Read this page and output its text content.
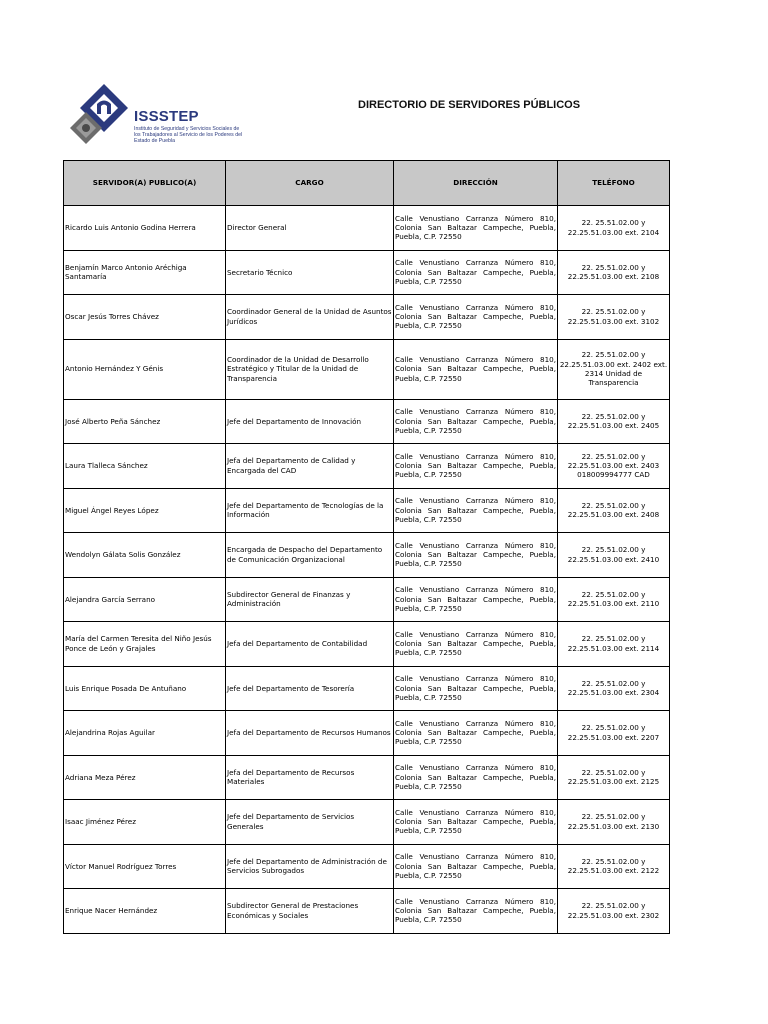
ISSSTEP
Instituto de Seguridad y Servicios Sociales de los Trabajadores al Servicio de los Poderes del Estado de Puebla
DIRECTORIO DE SERVIDORES PÚBLICOS
SERVIDOR(A) PUBLICO(A)	CARGO	DIRECCIÓN	TELÉFONO
Ricardo Luis Antonio Godina Herrera	Director General	Calle Venustiano Carranza Número 810, Colonia San Baltazar Campeche, Puebla, Puebla, C.P. 72550	22. 25.51.02.00 y 22.25.51.03.00 ext. 2104
Benjamín Marco Antonio Aréchiga Santamaría	Secretario Técnico	Calle Venustiano Carranza Número 810, Colonia San Baltazar Campeche, Puebla, Puebla, C.P. 72550	22. 25.51.02.00 y 22.25.51.03.00 ext. 2108
Oscar Jesús Torres Chávez	Coordinador General de la Unidad de Asuntos Jurídicos	Calle Venustiano Carranza Número 810, Colonia San Baltazar Campeche, Puebla, Puebla, C.P. 72550	22. 25.51.02.00 y 22.25.51.03.00 ext. 3102
Antonio Hernández Y Génis	Coordinador de la Unidad de Desarrollo Estratégico y Titular de la Unidad de Transparencia	Calle Venustiano Carranza Número 810, Colonia San Baltazar Campeche, Puebla, Puebla, C.P. 72550	22. 25.51.02.00 y 22.25.51.03.00 ext. 2402 ext. 2314 Unidad de Transparencia
José Alberto Peña Sánchez	Jefe del Departamento de Innovación	Calle Venustiano Carranza Número 810, Colonia San Baltazar Campeche, Puebla, Puebla, C.P. 72550	22. 25.51.02.00 y 22.25.51.03.00 ext. 2405
Laura Tlalleca Sánchez	Jefa del Departamento de Calidad y Encargada del CAD	Calle Venustiano Carranza Número 810, Colonia San Baltazar Campeche, Puebla, Puebla, C.P. 72550	22. 25.51.02.00 y 22.25.51.03.00 ext. 2403 018009994777 CAD
Miguel Ángel Reyes López	Jefe del Departamento de Tecnologías de la Información	Calle Venustiano Carranza Número 810, Colonia San Baltazar Campeche, Puebla, Puebla, C.P. 72550	22. 25.51.02.00 y 22.25.51.03.00 ext. 2408
Wendolyn Gálata Solis González	Encargada de Despacho del Departamento de Comunicación Organizacional	Calle Venustiano Carranza Número 810, Colonia San Baltazar Campeche, Puebla, Puebla, C.P. 72550	22. 25.51.02.00 y 22.25.51.03.00 ext. 2410
Alejandra García Serrano	Subdirector General de Finanzas y Administración	Calle Venustiano Carranza Número 810, Colonia San Baltazar Campeche, Puebla, Puebla, C.P. 72550	22. 25.51.02.00 y 22.25.51.03.00 ext. 2110
María del Carmen Teresita del Niño Jesús Ponce de León y Grajales	Jefa del Departamento de Contabilidad	Calle Venustiano Carranza Número 810, Colonia San Baltazar Campeche, Puebla, Puebla, C.P. 72550	22. 25.51.02.00 y 22.25.51.03.00 ext. 2114
Luis Enrique Posada De Antuñano	Jefe del Departamento de Tesorería	Calle Venustiano Carranza Número 810, Colonia San Baltazar Campeche, Puebla, Puebla, C.P. 72550	22. 25.51.02.00 y 22.25.51.03.00 ext. 2304
Alejandrina Rojas Aguilar	Jefa del Departamento de Recursos Humanos	Calle Venustiano Carranza Número 810, Colonia San Baltazar Campeche, Puebla, Puebla, C.P. 72550	22. 25.51.02.00 y 22.25.51.03.00 ext. 2207
Adriana Meza Pérez	Jefa del Departamento de Recursos Materiales	Calle Venustiano Carranza Número 810, Colonia San Baltazar Campeche, Puebla, Puebla, C.P. 72550	22. 25.51.02.00 y 22.25.51.03.00 ext. 2125
Isaac Jiménez Pérez	Jefe del Departamento de Servicios Generales	Calle Venustiano Carranza Número 810, Colonia San Baltazar Campeche, Puebla, Puebla, C.P. 72550	22. 25.51.02.00 y 22.25.51.03.00 ext. 2130
Víctor Manuel Rodríguez Torres	Jefe del Departamento de Administración de Servicios Subrogados	Calle Venustiano Carranza Número 810, Colonia San Baltazar Campeche, Puebla, Puebla, C.P. 72550	22. 25.51.02.00 y 22.25.51.03.00 ext. 2122
Enrique Nacer Hernández	Subdirector General de Prestaciones Económicas y Sociales	Calle Venustiano Carranza Número 810, Colonia San Baltazar Campeche, Puebla, Puebla, C.P. 72550	22. 25.51.02.00 y 22.25.51.03.00 ext. 2302
